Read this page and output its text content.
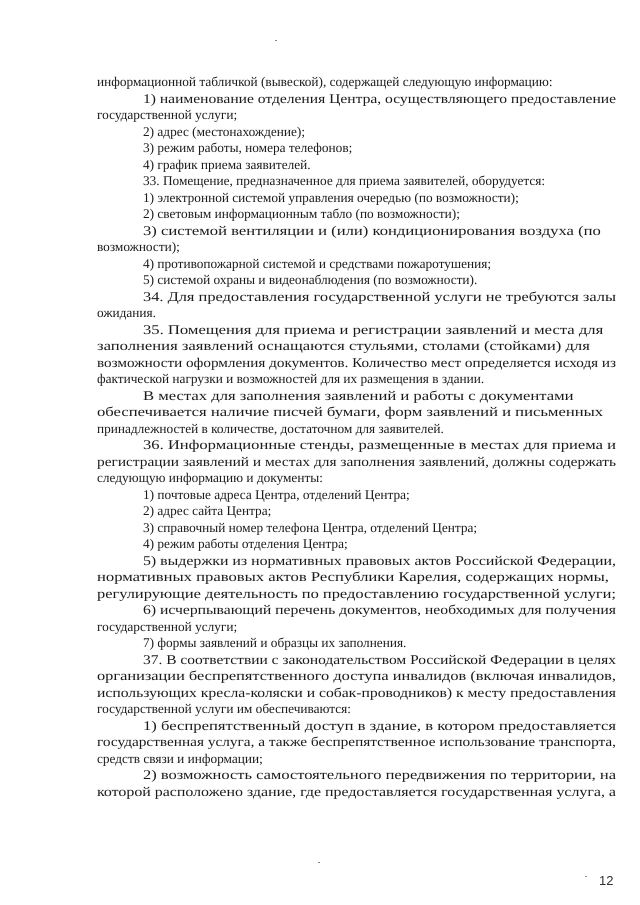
информационной табличкой (вывеской), содержащей следующую информацию:
1) наименование отделения Центра, осуществляющего предоставление
государственной услуги;
2) адрес (местонахождение);
3) режим работы, номера телефонов;
4) график приема заявителей.
33. Помещение, предназначенное для приема заявителей, оборудуется:
1) электронной системой управления очередью (по возможности);
2) световым информационным табло (по возможности);
3) системой вентиляции и (или) кондиционирования воздуха (по
возможности);
4) противопожарной системой и средствами пожаротушения;
5) системой охраны и видеонаблюдения (по возможности).
34. Для предоставления государственной услуги не требуются залы
ожидания.
35. Помещения для приема и регистрации заявлений и места для
заполнения заявлений оснащаются стульями, столами (стойками) для
возможности оформления документов. Количество мест определяется исходя из
фактической нагрузки и возможностей для их размещения в здании.
В местах для заполнения заявлений и работы с документами
обеспечивается наличие писчей бумаги, форм заявлений и письменных
принадлежностей в количестве, достаточном для заявителей.
36. Информационные стенды, размещенные в местах для приема и
регистрации заявлений и местах для заполнения заявлений, должны содержать
следующую информацию и документы:
1) почтовые адреса Центра, отделений Центра;
2) адрес сайта Центра;
3) справочный номер телефона Центра, отделений Центра;
4) режим работы отделения Центра;
5) выдержки из нормативных правовых актов Российской Федерации,
нормативных правовых актов Республики Карелия, содержащих нормы,
регулирующие деятельность по предоставлению государственной услуги;
6) исчерпывающий перечень документов, необходимых для получения
государственной услуги;
7) формы заявлений и образцы их заполнения.
37. В соответствии с законодательством Российской Федерации в целях
организации беспрепятственного доступа инвалидов (включая инвалидов,
использующих кресла-коляски и собак-проводников) к месту предоставления
государственной услуги им обеспечиваются:
1) беспрепятственный доступ в здание, в котором предоставляется
государственная услуга, а также беспрепятственное использование транспорта,
средств связи и информации;
2) возможность самостоятельного передвижения по территории, на
которой расположено здание, где предоставляется государственная услуга, а
12
